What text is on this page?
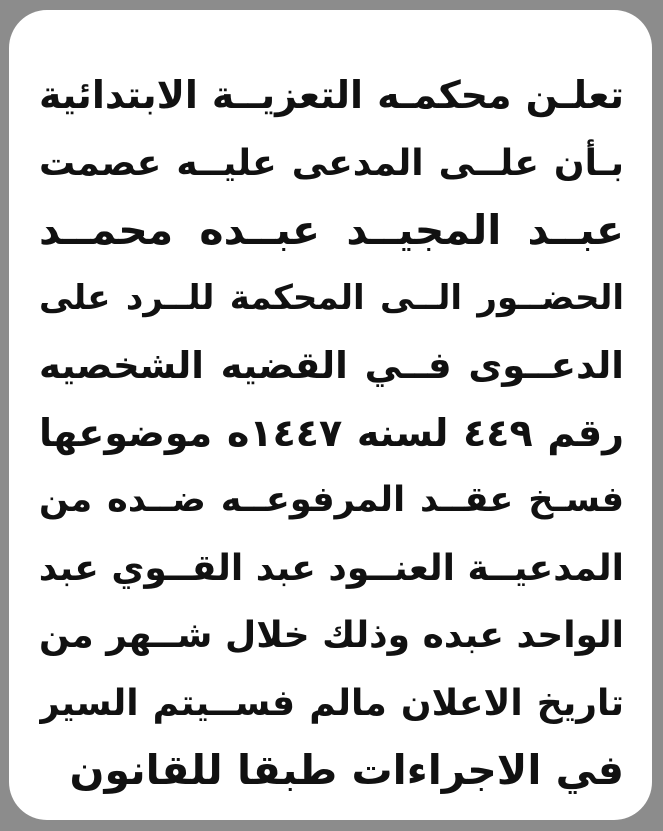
تعلـن محكمـه التعزيــة الابتدائية
بـأن علــى المدعى عليــه عصمت
عبــد المجيــد عبــده محمــد
الحضــور الــى المحكمة للــرد على
الدعــوى فــي القضيه الشخصيه
رقم ٤٤٩ لسنه ١٤٤٧ه موضوعها
فسـخ عقــد المرفوعــه ضــده من
المدعيــة العنــود عبد القــوي عبد
الواحد عبده وذلك خلال شــهر من
تاريخ الاعلان مالم فســيتم السير
في الاجراءات طبقا للقانون
